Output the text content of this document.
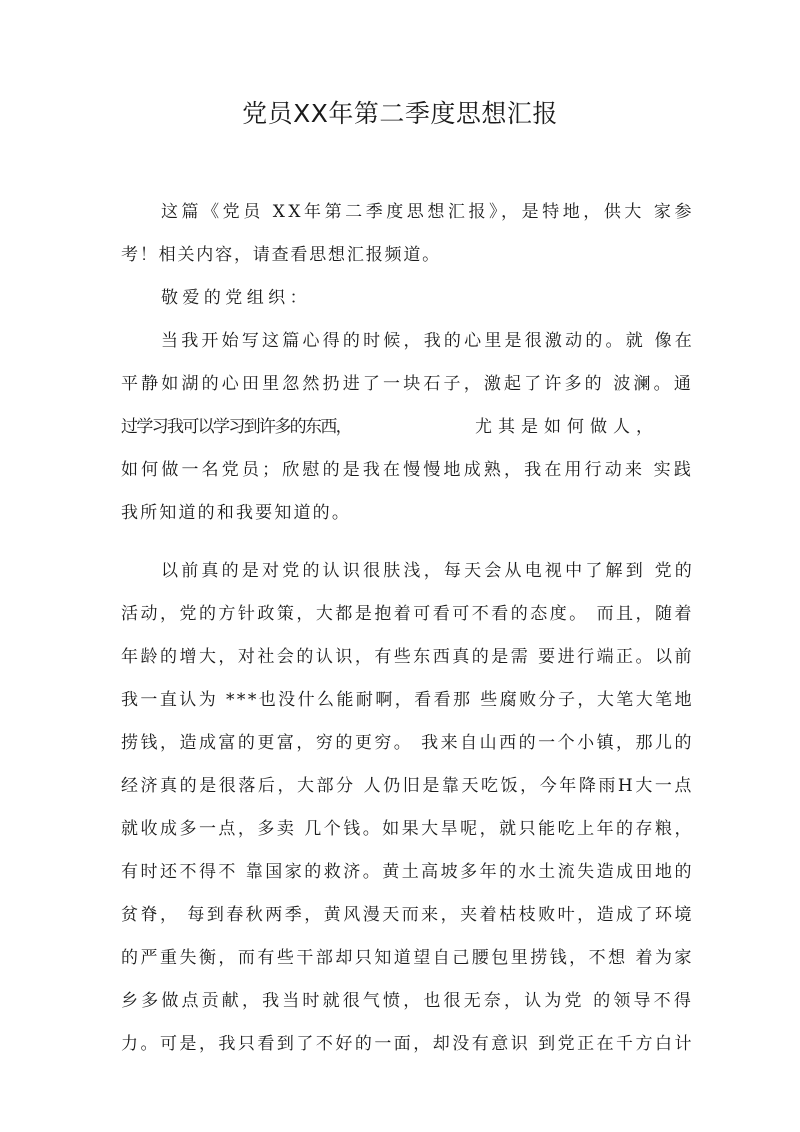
党员XX年第二季度思想汇报
这篇《党员 XX年第二季度思想汇报》，是特地，供大 家参
考！相关内容，请查看思想汇报频道。
敬爱的党组织：
当我开始写这篇心得的时候，我的心里是很激动的。就 像在
平静如湖的心田里忽然扔进了一块石子，激起了许多的 波澜。通
过学习我可以学习到许多的东西，	尤其是如何做人，
如何做一名党员；欣慰的是我在慢慢地成熟，我在用行动来 实践
我所知道的和我要知道的。
以前真的是对党的认识很肤浅，每天会从电视中了解到 党的
活动，党的方针政策，大都是抱着可看可不看的态度。 而且，随着
年龄的增大，对社会的认识，有些东西真的是需 要进行端正。以前
我一直认为 ***也没什么能耐啊，看看那 些腐败分子，大笔大笔地
捞钱，造成富的更富，穷的更穷。 我来自山西的一个小镇，那儿的
经济真的是很落后，大部分 人仍旧是靠天吃饭，今年降雨H大一点
就收成多一点，多卖 几个钱。如果大旱呢，就只能吃上年的存粮，
有时还不得不 靠国家的救济。黄土高坡多年的水土流失造成田地的
贫脊， 每到春秋两季，黄风漫天而来，夹着枯枝败叶，造成了环境
的严重失衡，而有些干部却只知道望自己腰包里捞钱，不想 着为家
乡多做点贡献，我当时就很气愤，也很无奈，认为党 的领导不得
力。可是，我只看到了不好的一面，却没有意识 到党正在千方白计
